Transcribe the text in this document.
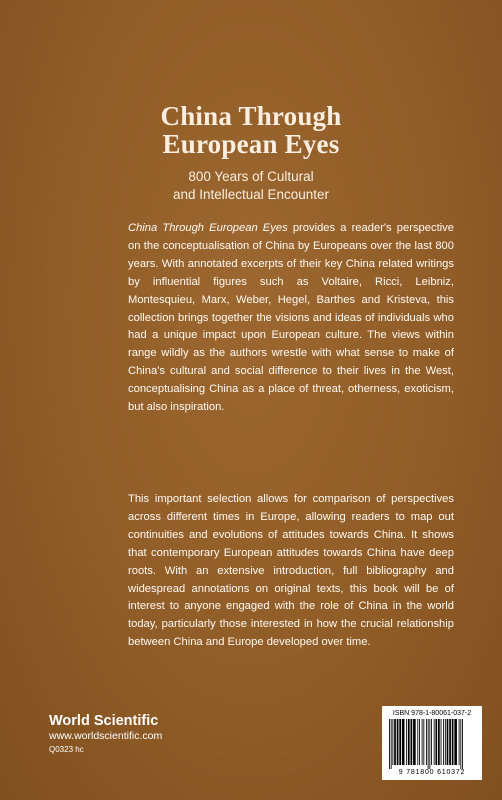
China Through
European Eyes

800 Years of Cultural
and Intellectual Encounter

China Through European Eyes provides a reader's perspective on the conceptualisation of China by Europeans over the last 800 years. With annotated excerpts of their key China related writings by influential figures such as Voltaire, Ricci, Leibniz, Montesquieu, Marx, Weber, Hegel, Barthes and Kristeva, this collection brings together the visions and ideas of individuals who had a unique impact upon European culture. The views within range wildly as the authors wrestle with what sense to make of China's cultural and social difference to their lives in the West, conceptualising China as a place of threat, otherness, exoticism, but also inspiration.

This important selection allows for comparison of perspectives across different times in Europe, allowing readers to map out continuities and evolutions of attitudes towards China. It shows that contemporary European attitudes towards China have deep roots. With an extensive introduction, full bibliography and widespread annotations on original texts, this book will be of interest to anyone engaged with the role of China in the world today, particularly those interested in how the crucial relationship between China and Europe developed over time.

World Scientific
www.worldscientific.com
Q0323 hc
ISBN 978-1-80061-037-2
9 781800 610372
